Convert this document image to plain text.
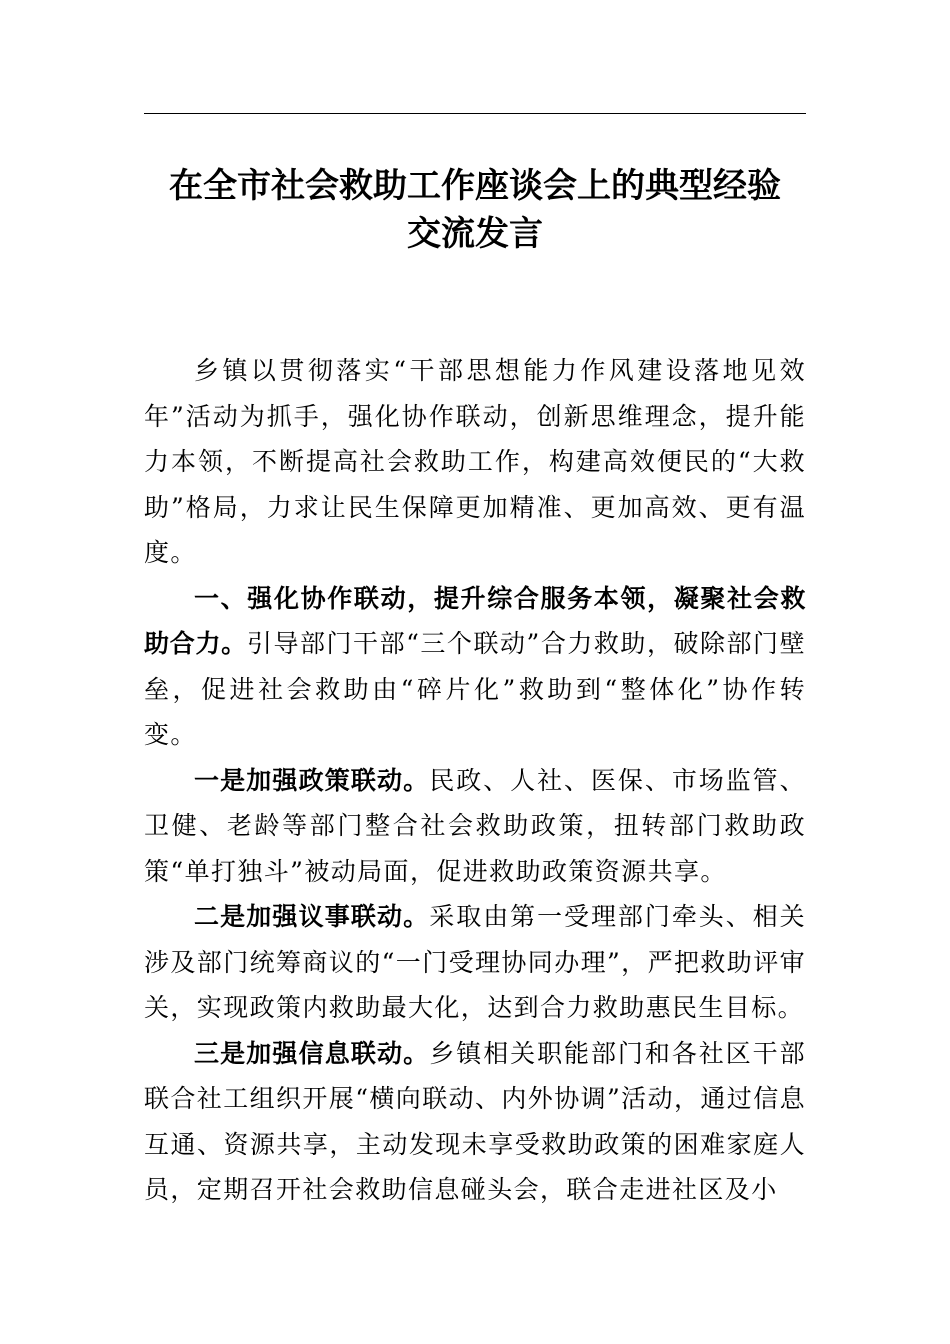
在全市社会救助工作座谈会上的典型经验
交流发言

乡镇以贯彻落实“干部思想能力作风建设落地见效年”活动为抓手，强化协作联动，创新思维理念，提升能力本领，不断提高社会救助工作，构建高效便民的“大救助”格局，力求让民生保障更加精准、更加高效、更有温度。

一、强化协作联动，提升综合服务本领，凝聚社会救助合力。引导部门干部“三个联动”合力救助，破除部门壁垒，促进社会救助由“碎片化”救助到“整体化”协作转变。

一是加强政策联动。民政、人社、医保、市场监管、卫健、老龄等部门整合社会救助政策，扭转部门救助政策“单打独斗”被动局面，促进救助政策资源共享。

二是加强议事联动。采取由第一受理部门牵头、相关涉及部门统筹商议的“一门受理协同办理”，严把救助评审关，实现政策内救助最大化，达到合力救助惠民生目标。

三是加强信息联动。乡镇相关职能部门和各社区干部联合社工组织开展“横向联动、内外协调”活动，通过信息互通、资源共享，主动发现未享受救助政策的困难家庭人员，定期召开社会救助信息碰头会，联合走进社区及小
